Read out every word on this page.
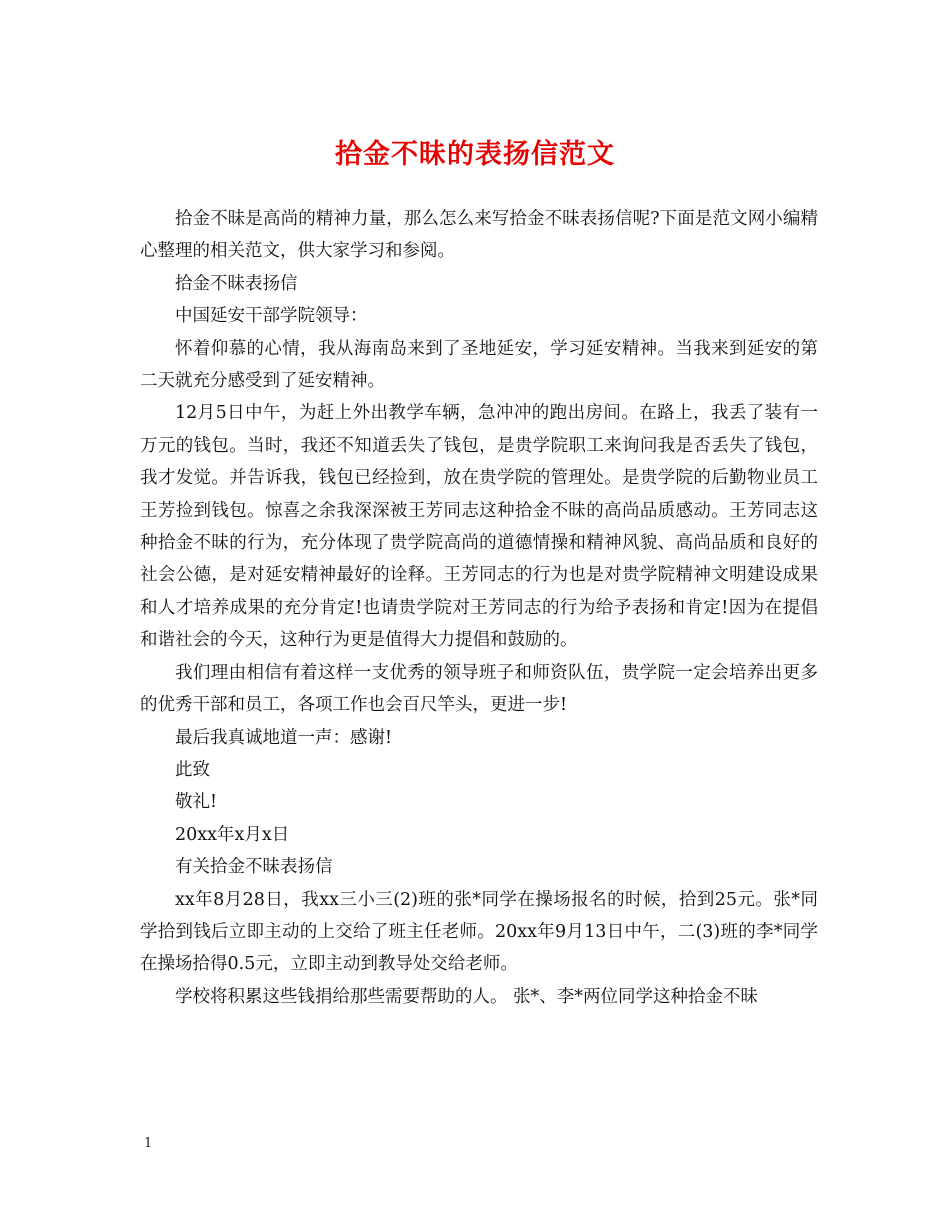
拾金不昧的表扬信范文

拾金不昧是高尚的精神力量，那么怎么来写拾金不昧表扬信呢?下面是范文网小编精心整理的相关范文，供大家学习和参阅。

拾金不昧表扬信

中国延安干部学院领导：

怀着仰慕的心情，我从海南岛来到了圣地延安，学习延安精神。当我来到延安的第二天就充分感受到了延安精神。

12月5日中午，为赶上外出教学车辆，急冲冲的跑出房间。在路上，我丢了装有一万元的钱包。当时，我还不知道丢失了钱包，是贵学院职工来询问我是否丢失了钱包，我才发觉。并告诉我，钱包已经捡到，放在贵学院的管理处。是贵学院的后勤物业员工王芳捡到钱包。惊喜之余我深深被王芳同志这种拾金不昧的高尚品质感动。王芳同志这种拾金不昧的行为，充分体现了贵学院高尚的道德情操和精神风貌、高尚品质和良好的社会公德，是对延安精神最好的诠释。王芳同志的行为也是对贵学院精神文明建设成果和人才培养成果的充分肯定!也请贵学院对王芳同志的行为给予表扬和肯定!因为在提倡和谐社会的今天，这种行为更是值得大力提倡和鼓励的。

我们理由相信有着这样一支优秀的领导班子和师资队伍，贵学院一定会培养出更多的优秀干部和员工，各项工作也会百尺竿头，更进一步!

最后我真诚地道一声：感谢!

此致

敬礼!

20xx年x月x日

有关拾金不昧表扬信

xx年8月28日，我xx三小三(2)班的张*同学在操场报名的时候，拾到25元。张*同学拾到钱后立即主动的上交给了班主任老师。20xx年9月13日中午，二(3)班的李*同学在操场拾得0.5元，立即主动到教导处交给老师。

学校将积累这些钱捐给那些需要帮助的人。 张*、李*两位同学这种拾金不昧

1
